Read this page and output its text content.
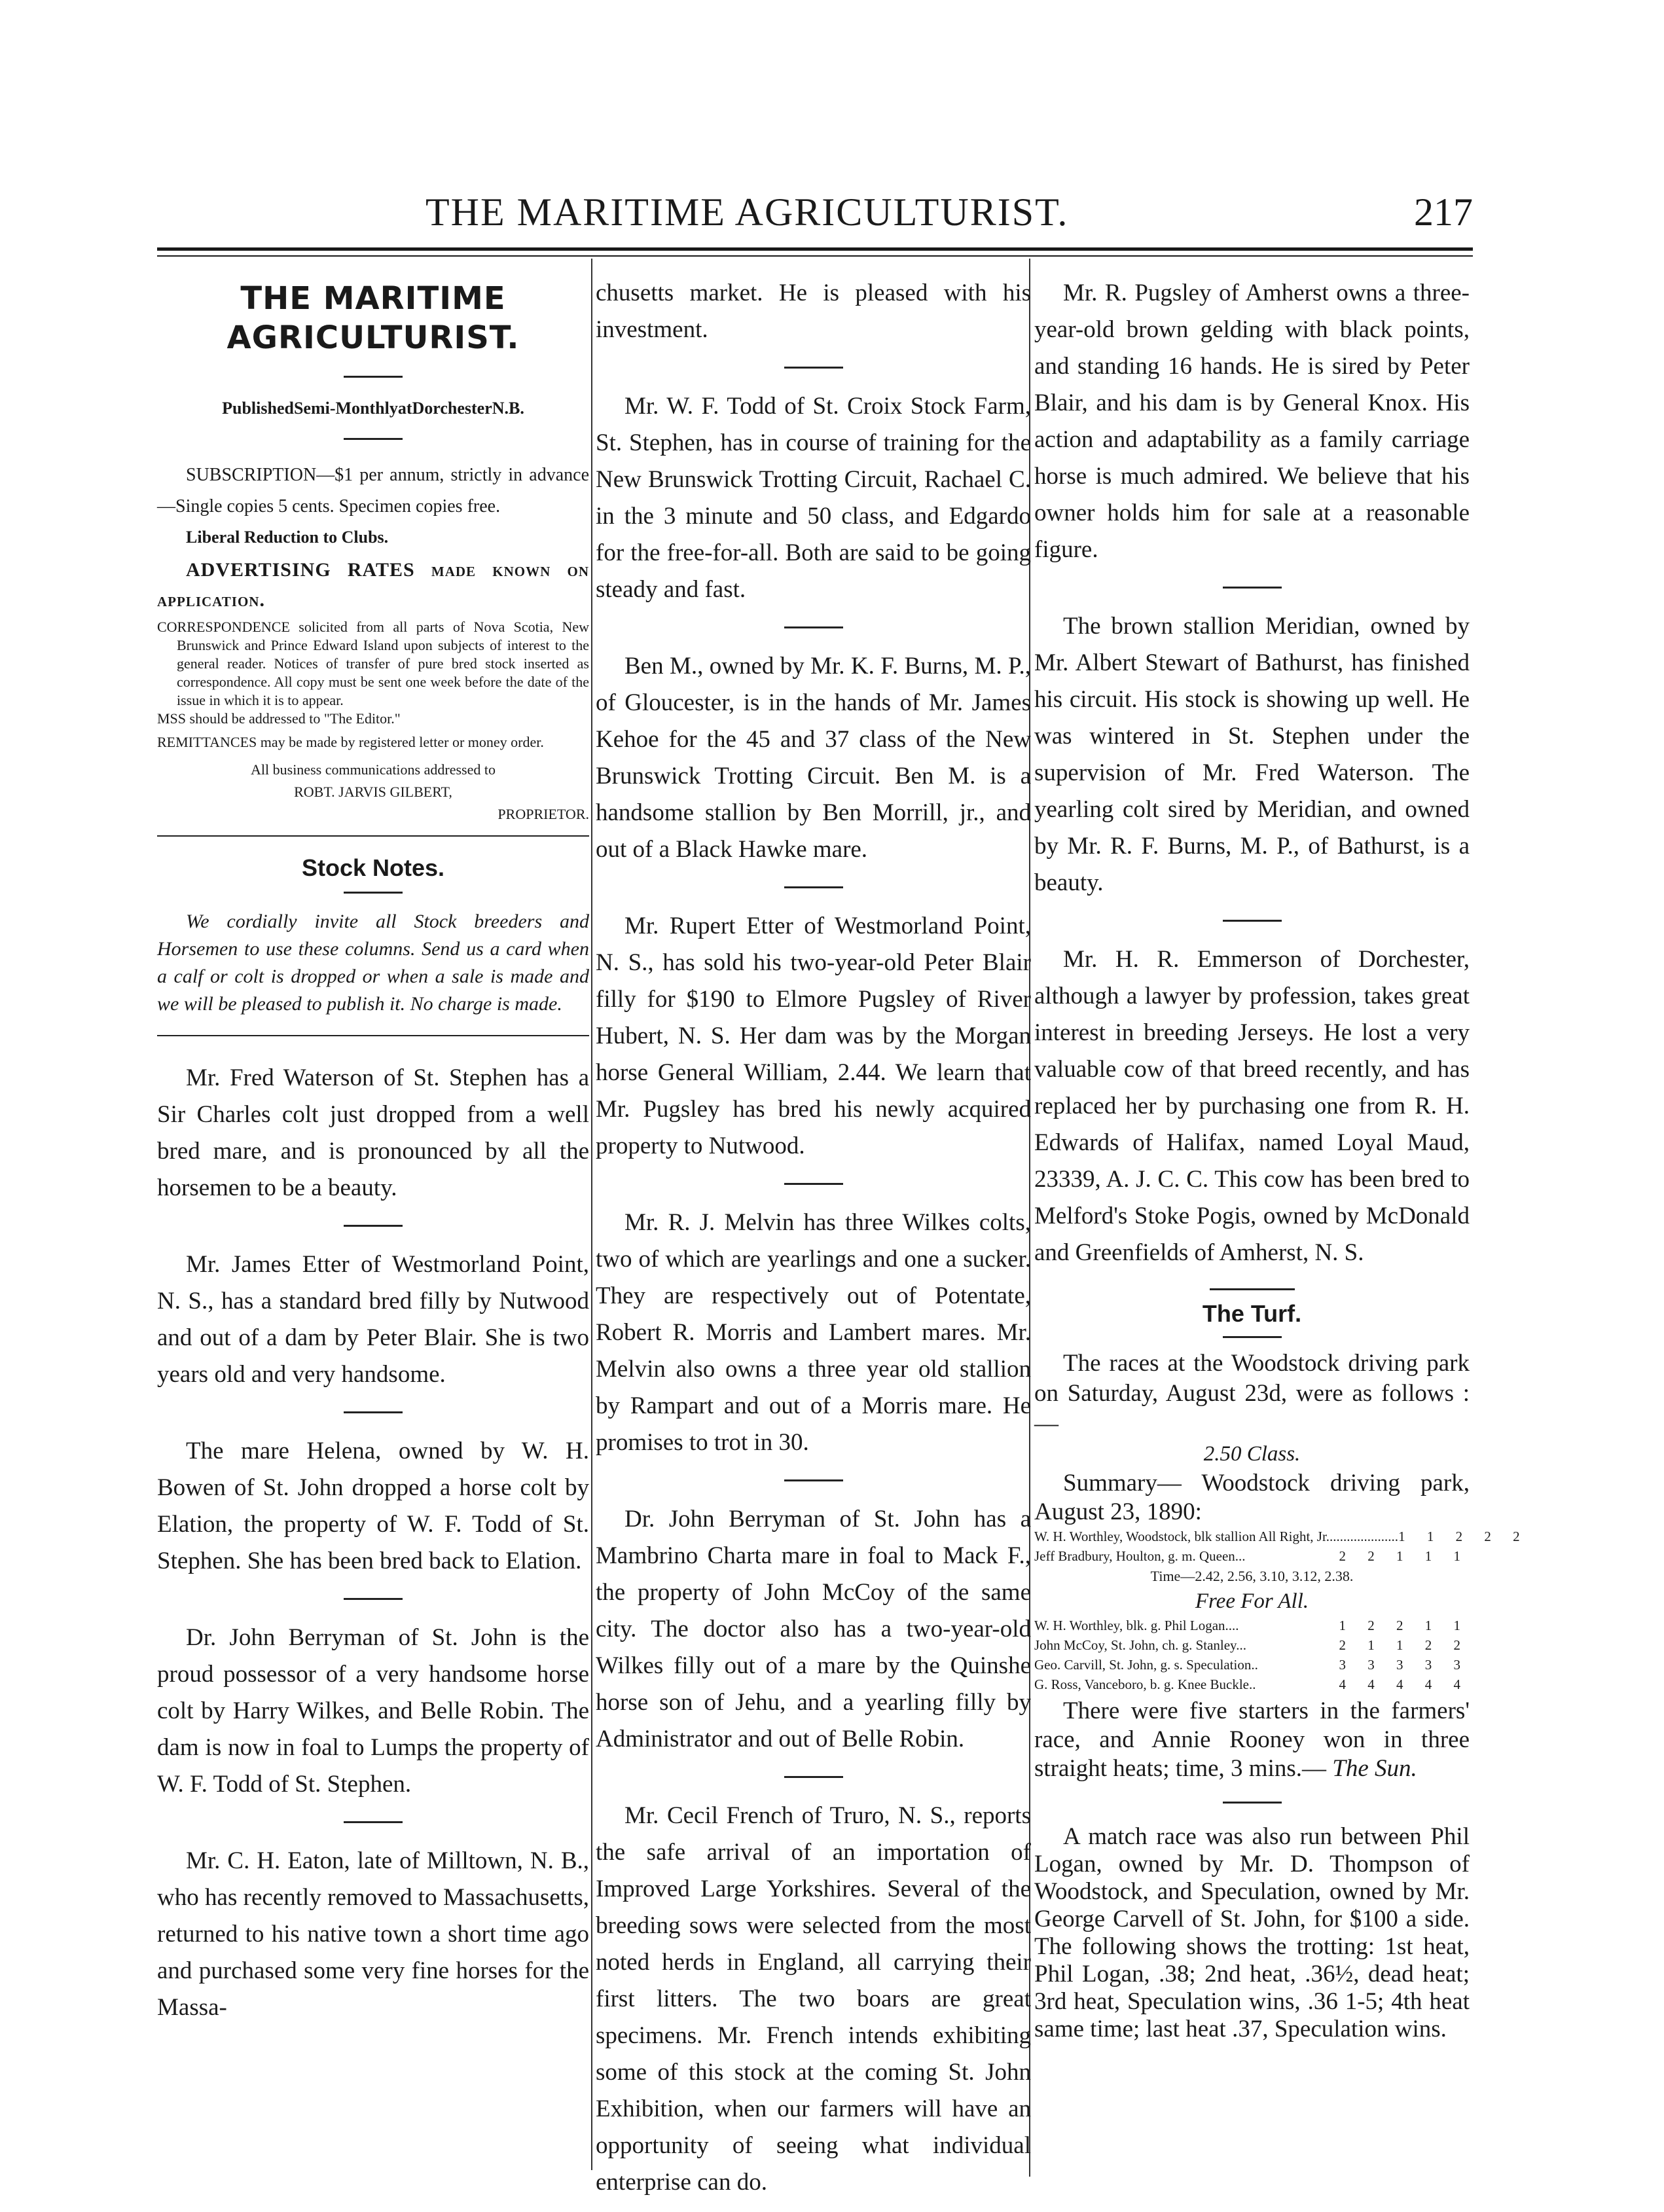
THE MARITIME AGRICULTURIST.	217
THE MARITIME AGRICULTURIST.

PublishedSemi-MonthlyatDorchesterN.B.

SUBSCRIPTION—$1 per annum, strictly in advance—Single copies 5 cents. Specimen copies free.

Liberal Reduction to Clubs.

ADVERTISING RATES made known on application.

CORRESPONDENCE solicited from all parts of Nova Scotia, New Brunswick and Prince Edward Island upon subjects of interest to the general reader. Notices of transfer of pure bred stock inserted as correspondence. All copy must be sent one week before the date of the issue in which it is to appear.

MSS should be addressed to "The Editor."

REMITTANCES may be made by registered letter or money order.

All business communications addressed to

ROBT. JARVIS GILBERT,

PROPRIETOR.

Stock Notes.

We cordially invite all Stock breeders and Horsemen to use these columns. Send us a card when a calf or colt is dropped or when a sale is made and we will be pleased to publish it. No charge is made.

Mr. Fred Waterson of St. Stephen has a Sir Charles colt just dropped from a well bred mare, and is pronounced by all the horsemen to be a beauty.

Mr. James Etter of Westmorland Point, N. S., has a standard bred filly by Nutwood and out of a dam by Peter Blair. She is two years old and very handsome.

The mare Helena, owned by W. H. Bowen of St. John dropped a horse colt by Elation, the property of W. F. Todd of St. Stephen. She has been bred back to Elation.

Dr. John Berryman of St. John is the proud possessor of a very handsome horse colt by Harry Wilkes, and Belle Robin. The dam is now in foal to Lumps the property of W. F. Todd of St. Stephen.

Mr. C. H. Eaton, late of Milltown, N. B., who has recently removed to Massachusetts, returned to his native town a short time ago and purchased some very fine horses for the Massa-

chusetts market. He is pleased with his investment.

Mr. W. F. Todd of St. Croix Stock Farm, St. Stephen, has in course of training for the New Brunswick Trotting Circuit, Rachael C. in the 3 minute and 50 class, and Edgardo for the free-for-all. Both are said to be going steady and fast.

Ben M., owned by Mr. K. F. Burns, M. P., of Gloucester, is in the hands of Mr. James Kehoe for the 45 and 37 class of the New Brunswick Trotting Circuit. Ben M. is a handsome stallion by Ben Morrill, jr., and out of a Black Hawke mare.

Mr. Rupert Etter of Westmorland Point, N. S., has sold his two-year-old Peter Blair filly for $190 to Elmore Pugsley of River Hubert, N. S. Her dam was by the Morgan horse General William, 2.44. We learn that Mr. Pugsley has bred his newly acquired property to Nutwood.

Mr. R. J. Melvin has three Wilkes colts, two of which are yearlings and one a sucker. They are respectively out of Potentate, Robert R. Morris and Lambert mares. Mr. Melvin also owns a three year old stallion by Rampart and out of a Morris mare. He promises to trot in 30.

Dr. John Berryman of St. John has a Mambrino Charta mare in foal to Mack F., the property of John McCoy of the same city. The doctor also has a two-year-old Wilkes filly out of a mare by the Quinshe horse son of Jehu, and a yearling filly by Administrator and out of Belle Robin.

Mr. Cecil French of Truro, N. S., reports the safe arrival of an importation of Improved Large Yorkshires. Several of the breeding sows were selected from the most noted herds in England, all carrying their first litters. The two boars are great specimens. Mr. French intends exhibiting some of this stock at the coming St. John Exhibition, when our farmers will have an opportunity of seeing what individual enterprise can do.

Mr. R. Pugsley of Amherst owns a three-year-old brown gelding with black points, and standing 16 hands. He is sired by Peter Blair, and his dam is by General Knox. His action and adaptability as a family carriage horse is much admired. We believe that his owner holds him for sale at a reasonable figure.

The brown stallion Meridian, owned by Mr. Albert Stewart of Bathurst, has finished his circuit. His stock is showing up well. He was wintered in St. Stephen under the supervision of Mr. Fred Waterson. The yearling colt sired by Meridian, and owned by Mr. R. F. Burns, M. P., of Bathurst, is a beauty.

Mr. H. R. Emmerson of Dorchester, although a lawyer by profession, takes great interest in breeding Jerseys. He lost a very valuable cow of that breed recently, and has replaced her by purchasing one from R. H. Edwards of Halifax, named Loyal Maud, 23339, A. J. C. C. This cow has been bred to Melford's Stoke Pogis, owned by McDonald and Greenfields of Amherst, N. S.

The Turf.

The races at the Woodstock driving park on Saturday, August 23d, were as follows :—

2.50 Class.

Summary— Woodstock driving park, August 23, 1890:

W. H. Worthley, Woodstock, blk stallion All Right, Jr..................... 1 1 2 2 2
Jeff Bradbury, Houlton, g. m. Queen...	2 2 1 1 1

Time—2.42, 2.56, 3.10, 3.12, 2.38.

Free For All.

W. H. Worthley, blk. g. Phil Logan....	1 2 2 1 1
John McCoy, St. John, ch. g. Stanley...	2 1 1 2 2
Geo. Carvill, St. John, g. s. Speculation..	3 3 3 3 3
G. Ross, Vanceboro, b. g. Knee Buckle..	4 4 4 4 4

There were five starters in the farmers' race, and Annie Rooney won in three straight heats; time, 3 mins.— The Sun.

A match race was also run between Phil Logan, owned by Mr. D. Thompson of Woodstock, and Speculation, owned by Mr. George Carvell of St. John, for $100 a side. The following shows the trotting: 1st heat, Phil Logan, .38; 2nd heat, .36½, dead heat; 3rd heat, Speculation wins, .36 1-5; 4th heat same time; last heat .37, Speculation wins.
